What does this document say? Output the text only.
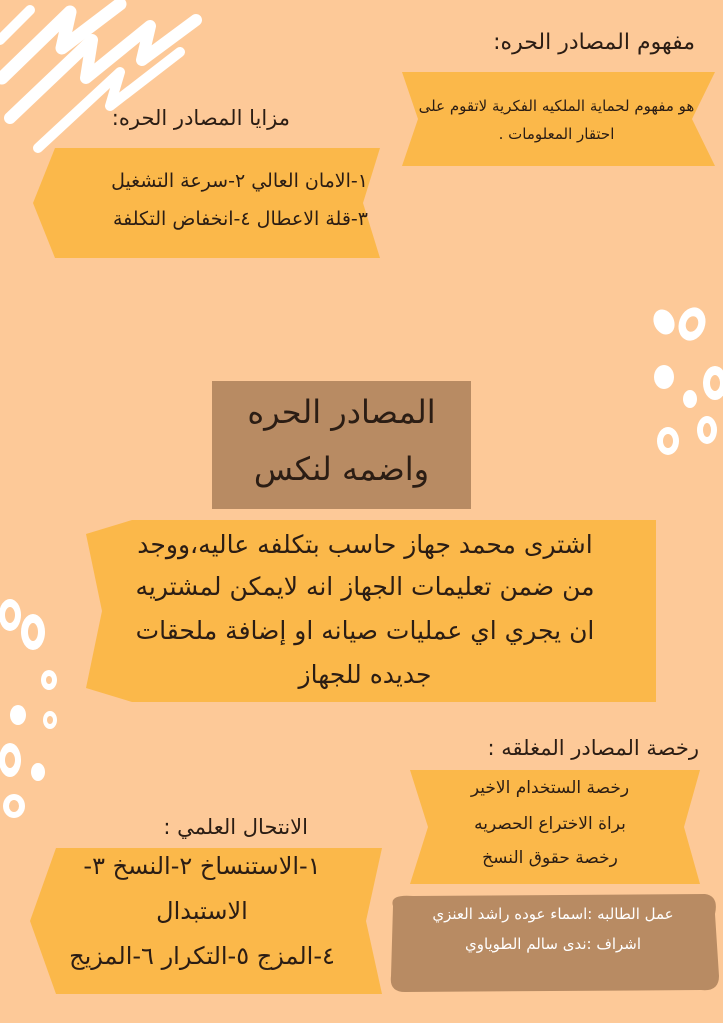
مفهوم المصادر الحره:
هو مفهوم لحماية الملكيه الفكرية لاتقوم على احتقار المعلومات .
مزايا المصادر الحره:
١-الامان العالي ٢-سرعة التشغيل
٣-قلة الاعطال ٤-انخفاض التكلفة
المصادر الحره
واضمه لنكس
اشترى محمد جهاز حاسب بتكلفه عاليه،ووجد
من ضمن تعليمات الجهاز انه لايمكن لمشتريه
ان يجري اي عمليات صيانه او إضافة ملحقات
جديده للجهاز
رخصة المصادر المغلقه :
رخصة الستخدام الاخير
براة الاختراع الحصريه
رخصة حقوق النسخ
الانتحال العلمي :
١-الاستنساخ ٢-النسخ ٣-
الاستبدال
٤-المزج ٥-التكرار ٦-المزيج
عمل الطالبه :اسماء عوده راشد العنزي
اشراف :ندى سالم الطوياوي
